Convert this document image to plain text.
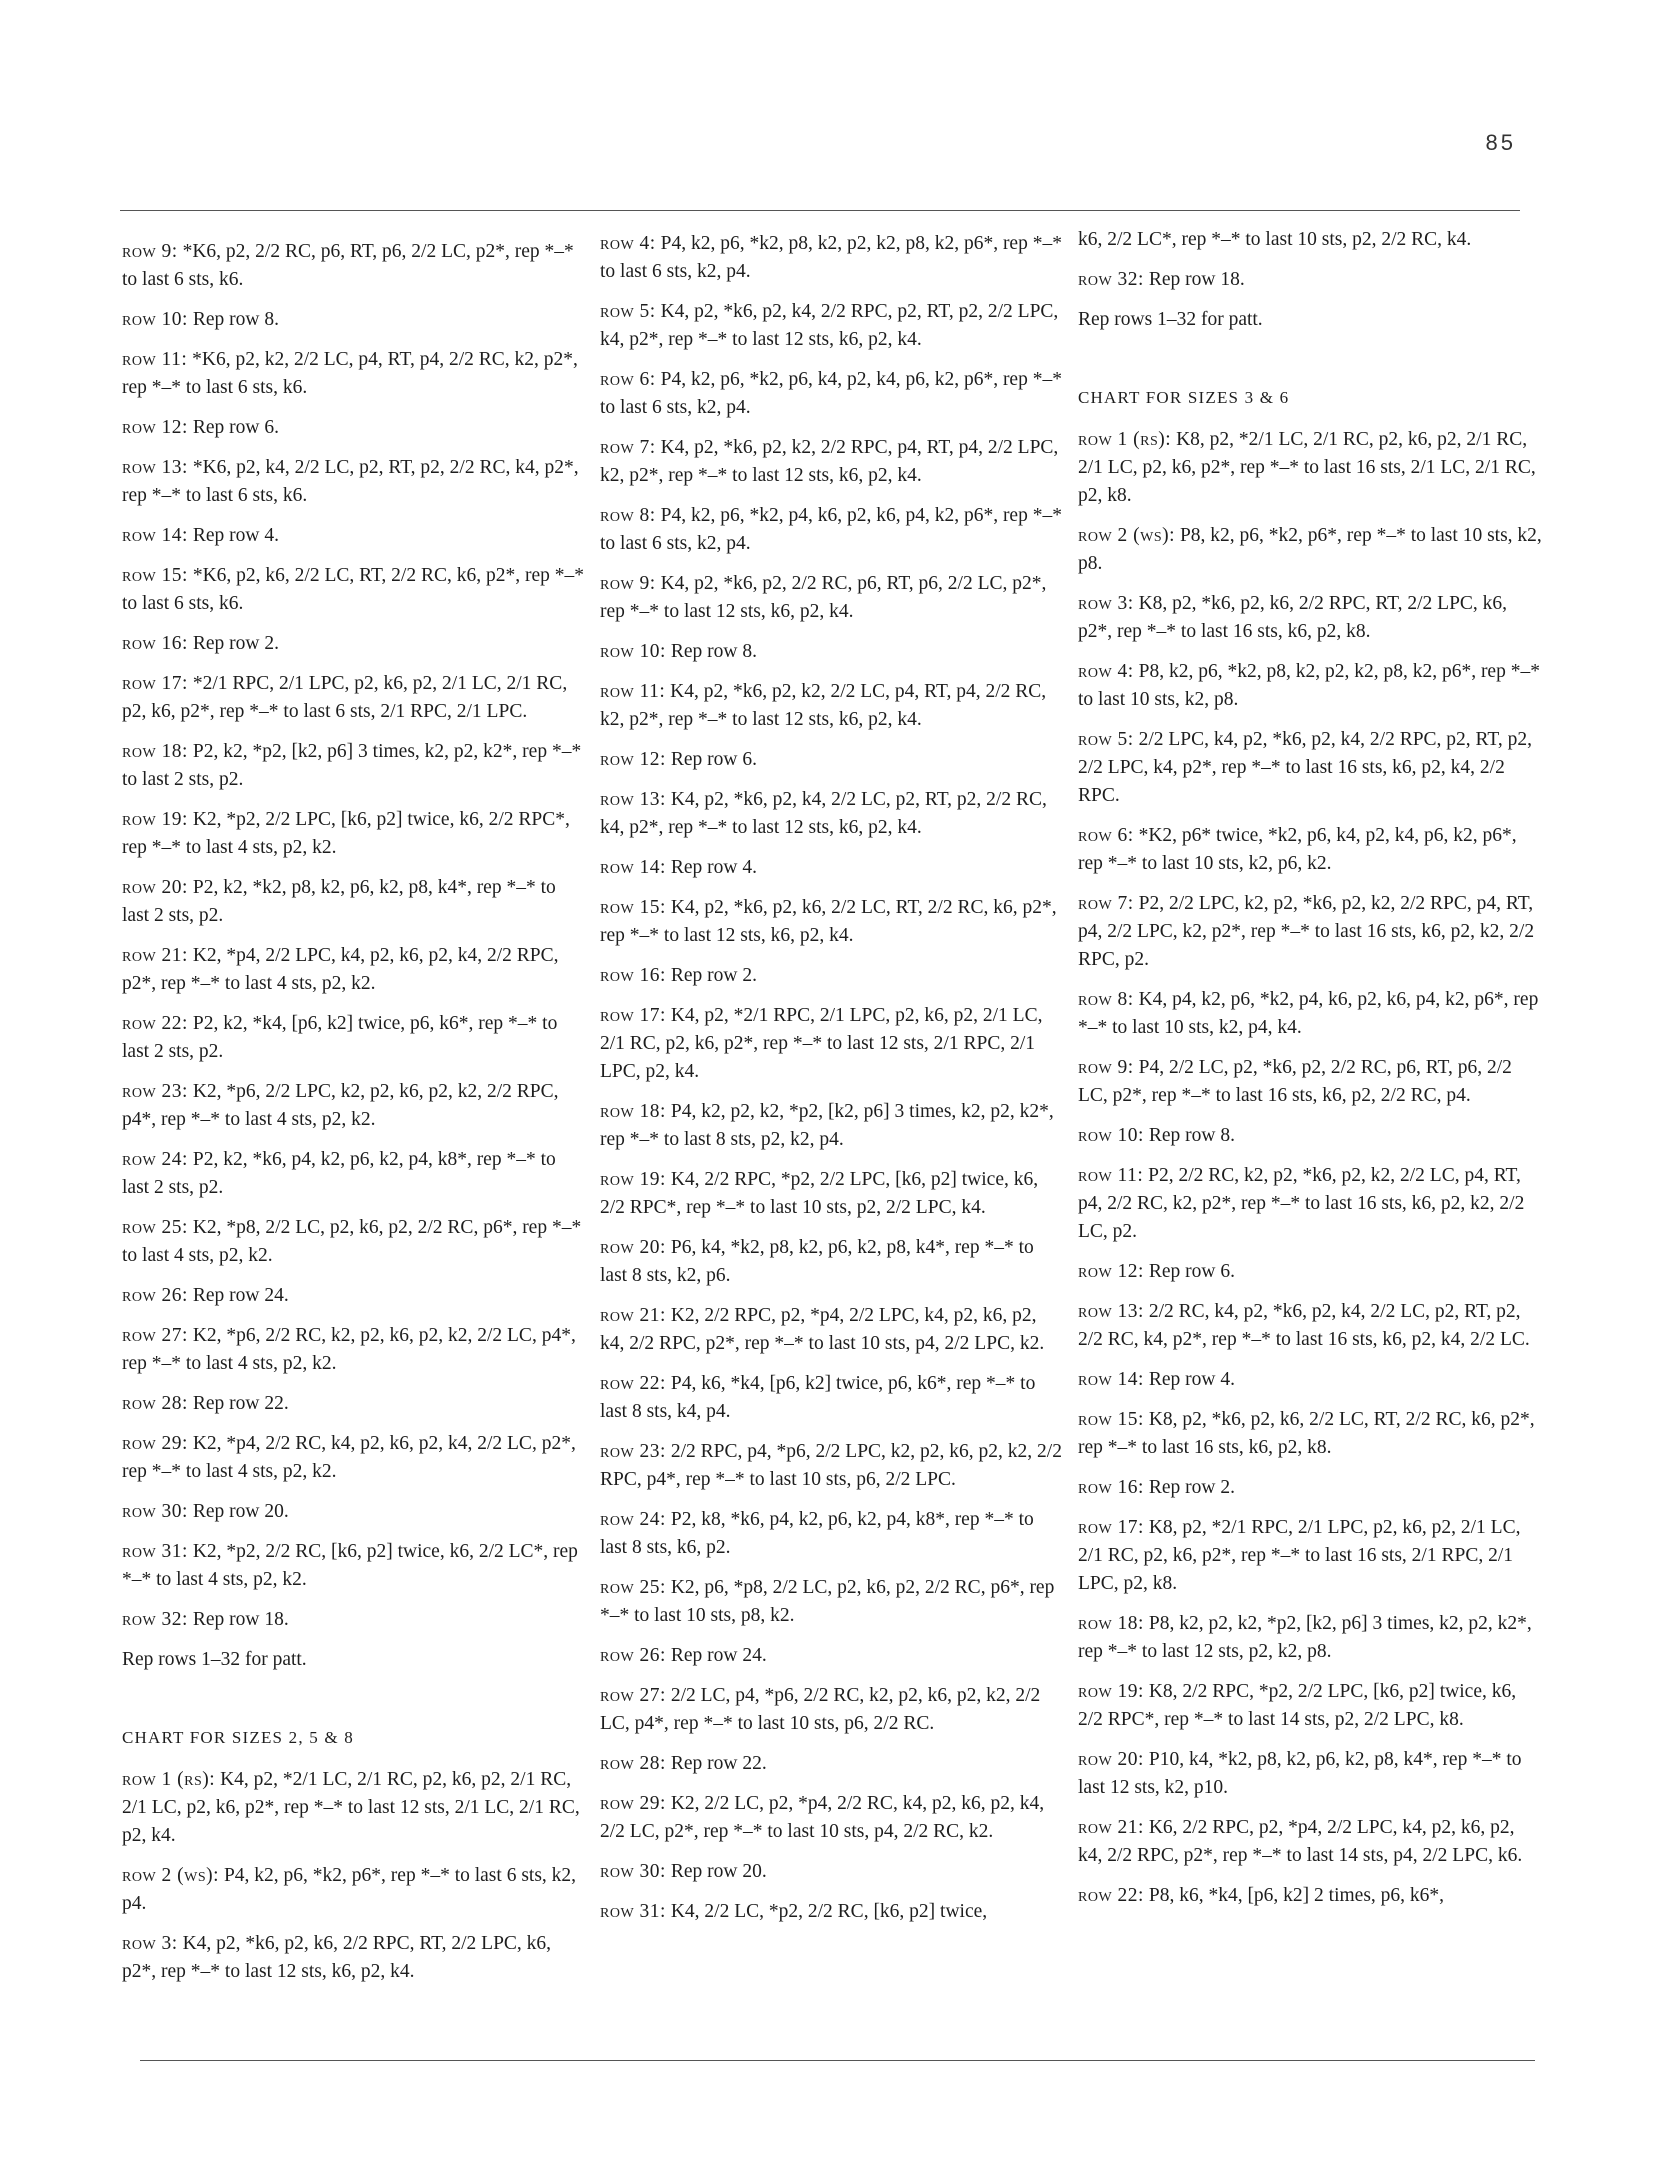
85

row 9: *K6, p2, 2/2 RC, p6, RT, p6, 2/2 LC, p2*, rep *–* to last 6 sts, k6.

row 10: Rep row 8.

row 11: *K6, p2, k2, 2/2 LC, p4, RT, p4, 2/2 RC, k2, p2*, rep *–* to last 6 sts, k6.

row 12: Rep row 6.

row 13: *K6, p2, k4, 2/2 LC, p2, RT, p2, 2/2 RC, k4, p2*, rep *–* to last 6 sts, k6.

row 14: Rep row 4.

row 15: *K6, p2, k6, 2/2 LC, RT, 2/2 RC, k6, p2*, rep *–* to last 6 sts, k6.

row 16: Rep row 2.

row 17: *2/1 RPC, 2/1 LPC, p2, k6, p2, 2/1 LC, 2/1 RC, p2, k6, p2*, rep *–* to last 6 sts, 2/1 RPC, 2/1 LPC.

row 18: P2, k2, *p2, [k2, p6] 3 times, k2, p2, k2*, rep *–* to last 2 sts, p2.

row 19: K2, *p2, 2/2 LPC, [k6, p2] twice, k6, 2/2 RPC*, rep *–* to last 4 sts, p2, k2.

row 20: P2, k2, *k2, p8, k2, p6, k2, p8, k4*, rep *–* to last 2 sts, p2.

row 21: K2, *p4, 2/2 LPC, k4, p2, k6, p2, k4, 2/2 RPC, p2*, rep *–* to last 4 sts, p2, k2.

row 22: P2, k2, *k4, [p6, k2] twice, p6, k6*, rep *–* to last 2 sts, p2.

row 23: K2, *p6, 2/2 LPC, k2, p2, k6, p2, k2, 2/2 RPC, p4*, rep *–* to last 4 sts, p2, k2.

row 24: P2, k2, *k6, p4, k2, p6, k2, p4, k8*, rep *–* to last 2 sts, p2.

row 25: K2, *p8, 2/2 LC, p2, k6, p2, 2/2 RC, p6*, rep *–* to last 4 sts, p2, k2.

row 26: Rep row 24.

row 27: K2, *p6, 2/2 RC, k2, p2, k6, p2, k2, 2/2 LC, p4*, rep *–* to last 4 sts, p2, k2.

row 28: Rep row 22.

row 29: K2, *p4, 2/2 RC, k4, p2, k6, p2, k4, 2/2 LC, p2*, rep *–* to last 4 sts, p2, k2.

row 30: Rep row 20.

row 31: K2, *p2, 2/2 RC, [k6, p2] twice, k6, 2/2 LC*, rep *–* to last 4 sts, p2, k2.

row 32: Rep row 18.

Rep rows 1–32 for patt.

CHART FOR SIZES 2, 5 & 8

row 1 (rs): K4, p2, *2/1 LC, 2/1 RC, p2, k6, p2, 2/1 RC, 2/1 LC, p2, k6, p2*, rep *–* to last 12 sts, 2/1 LC, 2/1 RC, p2, k4.

row 2 (ws): P4, k2, p6, *k2, p6*, rep *–* to last 6 sts, k2, p4.

row 3: K4, p2, *k6, p2, k6, 2/2 RPC, RT, 2/2 LPC, k6, p2*, rep *–* to last 12 sts, k6, p2, k4.

row 4: P4, k2, p6, *k2, p8, k2, p2, k2, p8, k2, p6*, rep *–* to last 6 sts, k2, p4.

row 5: K4, p2, *k6, p2, k4, 2/2 RPC, p2, RT, p2, 2/2 LPC, k4, p2*, rep *–* to last 12 sts, k6, p2, k4.

row 6: P4, k2, p6, *k2, p6, k4, p2, k4, p6, k2, p6*, rep *–* to last 6 sts, k2, p4.

row 7: K4, p2, *k6, p2, k2, 2/2 RPC, p4, RT, p4, 2/2 LPC, k2, p2*, rep *–* to last 12 sts, k6, p2, k4.

row 8: P4, k2, p6, *k2, p4, k6, p2, k6, p4, k2, p6*, rep *–* to last 6 sts, k2, p4.

row 9: K4, p2, *k6, p2, 2/2 RC, p6, RT, p6, 2/2 LC, p2*, rep *–* to last 12 sts, k6, p2, k4.

row 10: Rep row 8.

row 11: K4, p2, *k6, p2, k2, 2/2 LC, p4, RT, p4, 2/2 RC, k2, p2*, rep *–* to last 12 sts, k6, p2, k4.

row 12: Rep row 6.

row 13: K4, p2, *k6, p2, k4, 2/2 LC, p2, RT, p2, 2/2 RC, k4, p2*, rep *–* to last 12 sts, k6, p2, k4.

row 14: Rep row 4.

row 15: K4, p2, *k6, p2, k6, 2/2 LC, RT, 2/2 RC, k6, p2*, rep *–* to last 12 sts, k6, p2, k4.

row 16: Rep row 2.

row 17: K4, p2, *2/1 RPC, 2/1 LPC, p2, k6, p2, 2/1 LC, 2/1 RC, p2, k6, p2*, rep *–* to last 12 sts, 2/1 RPC, 2/1 LPC, p2, k4.

row 18: P4, k2, p2, k2, *p2, [k2, p6] 3 times, k2, p2, k2*, rep *–* to last 8 sts, p2, k2, p4.

row 19: K4, 2/2 RPC, *p2, 2/2 LPC, [k6, p2] twice, k6, 2/2 RPC*, rep *–* to last 10 sts, p2, 2/2 LPC, k4.

row 20: P6, k4, *k2, p8, k2, p6, k2, p8, k4*, rep *–* to last 8 sts, k2, p6.

row 21: K2, 2/2 RPC, p2, *p4, 2/2 LPC, k4, p2, k6, p2, k4, 2/2 RPC, p2*, rep *–* to last 10 sts, p4, 2/2 LPC, k2.

row 22: P4, k6, *k4, [p6, k2] twice, p6, k6*, rep *–* to last 8 sts, k4, p4.

row 23: 2/2 RPC, p4, *p6, 2/2 LPC, k2, p2, k6, p2, k2, 2/2 RPC, p4*, rep *–* to last 10 sts, p6, 2/2 LPC.

row 24: P2, k8, *k6, p4, k2, p6, k2, p4, k8*, rep *–* to last 8 sts, k6, p2.

row 25: K2, p6, *p8, 2/2 LC, p2, k6, p2, 2/2 RC, p6*, rep *–* to last 10 sts, p8, k2.

row 26: Rep row 24.

row 27: 2/2 LC, p4, *p6, 2/2 RC, k2, p2, k6, p2, k2, 2/2 LC, p4*, rep *–* to last 10 sts, p6, 2/2 RC.

row 28: Rep row 22.

row 29: K2, 2/2 LC, p2, *p4, 2/2 RC, k4, p2, k6, p2, k4, 2/2 LC, p2*, rep *–* to last 10 sts, p4, 2/2 RC, k2.

row 30: Rep row 20.

row 31: K4, 2/2 LC, *p2, 2/2 RC, [k6, p2] twice,

k6, 2/2 LC*, rep *–* to last 10 sts, p2, 2/2 RC, k4.

row 32: Rep row 18.

Rep rows 1–32 for patt.

CHART FOR SIZES 3 & 6

row 1 (rs): K8, p2, *2/1 LC, 2/1 RC, p2, k6, p2, 2/1 RC, 2/1 LC, p2, k6, p2*, rep *–* to last 16 sts, 2/1 LC, 2/1 RC, p2, k8.

row 2 (ws): P8, k2, p6, *k2, p6*, rep *–* to last 10 sts, k2, p8.

row 3: K8, p2, *k6, p2, k6, 2/2 RPC, RT, 2/2 LPC, k6, p2*, rep *–* to last 16 sts, k6, p2, k8.

row 4: P8, k2, p6, *k2, p8, k2, p2, k2, p8, k2, p6*, rep *–* to last 10 sts, k2, p8.

row 5: 2/2 LPC, k4, p2, *k6, p2, k4, 2/2 RPC, p2, RT, p2, 2/2 LPC, k4, p2*, rep *–* to last 16 sts, k6, p2, k4, 2/2 RPC.

row 6: *K2, p6* twice, *k2, p6, k4, p2, k4, p6, k2, p6*, rep *–* to last 10 sts, k2, p6, k2.

row 7: P2, 2/2 LPC, k2, p2, *k6, p2, k2, 2/2 RPC, p4, RT, p4, 2/2 LPC, k2, p2*, rep *–* to last 16 sts, k6, p2, k2, 2/2 RPC, p2.

row 8: K4, p4, k2, p6, *k2, p4, k6, p2, k6, p4, k2, p6*, rep *–* to last 10 sts, k2, p4, k4.

row 9: P4, 2/2 LC, p2, *k6, p2, 2/2 RC, p6, RT, p6, 2/2 LC, p2*, rep *–* to last 16 sts, k6, p2, 2/2 RC, p4.

row 10: Rep row 8.

row 11: P2, 2/2 RC, k2, p2, *k6, p2, k2, 2/2 LC, p4, RT, p4, 2/2 RC, k2, p2*, rep *–* to last 16 sts, k6, p2, k2, 2/2 LC, p2.

row 12: Rep row 6.

row 13: 2/2 RC, k4, p2, *k6, p2, k4, 2/2 LC, p2, RT, p2, 2/2 RC, k4, p2*, rep *–* to last 16 sts, k6, p2, k4, 2/2 LC.

row 14: Rep row 4.

row 15: K8, p2, *k6, p2, k6, 2/2 LC, RT, 2/2 RC, k6, p2*, rep *–* to last 16 sts, k6, p2, k8.

row 16: Rep row 2.

row 17: K8, p2, *2/1 RPC, 2/1 LPC, p2, k6, p2, 2/1 LC, 2/1 RC, p2, k6, p2*, rep *–* to last 16 sts, 2/1 RPC, 2/1 LPC, p2, k8.

row 18: P8, k2, p2, k2, *p2, [k2, p6] 3 times, k2, p2, k2*, rep *–* to last 12 sts, p2, k2, p8.

row 19: K8, 2/2 RPC, *p2, 2/2 LPC, [k6, p2] twice, k6, 2/2 RPC*, rep *–* to last 14 sts, p2, 2/2 LPC, k8.

row 20: P10, k4, *k2, p8, k2, p6, k2, p8, k4*, rep *–* to last 12 sts, k2, p10.

row 21: K6, 2/2 RPC, p2, *p4, 2/2 LPC, k4, p2, k6, p2, k4, 2/2 RPC, p2*, rep *–* to last 14 sts, p4, 2/2 LPC, k6.

row 22: P8, k6, *k4, [p6, k2] 2 times, p6, k6*,
